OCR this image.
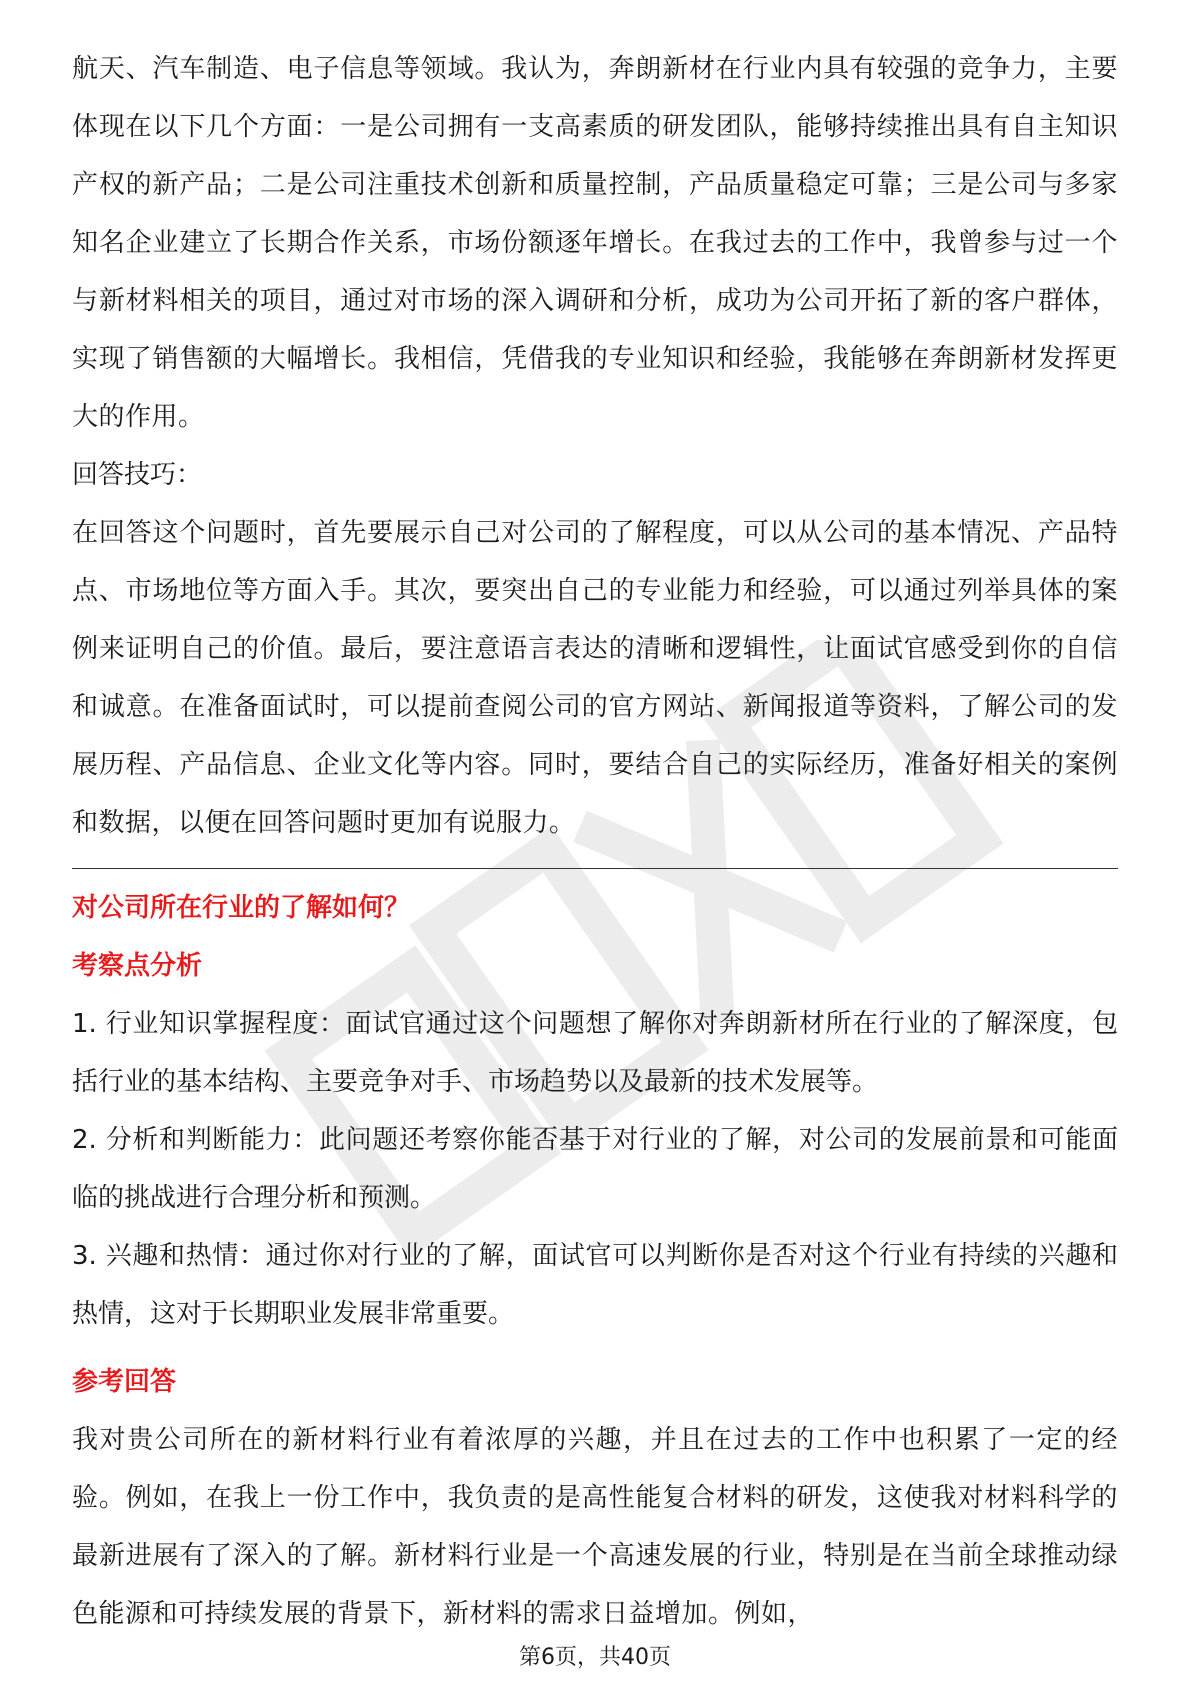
航天、汽车制造、电子信息等领域。我认为，奔朗新材在行业内具有较强的竞争力，主要体现在以下几个方面：一是公司拥有一支高素质的研发团队，能够持续推出具有自主知识产权的新产品；二是公司注重技术创新和质量控制，产品质量稳定可靠；三是公司与多家知名企业建立了长期合作关系，市场份额逐年增长。在我过去的工作中，我曾参与过一个与新材料相关的项目，通过对市场的深入调研和分析，成功为公司开拓了新的客户群体，实现了销售额的大幅增长。我相信，凭借我的专业知识和经验，我能够在奔朗新材发挥更大的作用。

回答技巧：

在回答这个问题时，首先要展示自己对公司的了解程度，可以从公司的基本情况、产品特点、市场地位等方面入手。其次，要突出自己的专业能力和经验，可以通过列举具体的案例来证明自己的价值。最后，要注意语言表达的清晰和逻辑性，让面试官感受到你的自信和诚意。在准备面试时，可以提前查阅公司的官方网站、新闻报道等资料，了解公司的发展历程、产品信息、企业文化等内容。同时，要结合自己的实际经历，准备好相关的案例和数据，以便在回答问题时更加有说服力。

对公司所在行业的了解如何？

考察点分析

1. 行业知识掌握程度：面试官通过这个问题想了解你对奔朗新材所在行业的了解深度，包括行业的基本结构、主要竞争对手、市场趋势以及最新的技术发展等。

2. 分析和判断能力：此问题还考察你能否基于对行业的了解，对公司的发展前景和可能面临的挑战进行合理分析和预测。

3. 兴趣和热情：通过你对行业的了解，面试官可以判断你是否对这个行业有持续的兴趣和热情，这对于长期职业发展非常重要。

参考回答

我对贵公司所在的新材料行业有着浓厚的兴趣，并且在过去的工作中也积累了一定的经验。例如，在我上一份工作中，我负责的是高性能复合材料的研发，这使我对材料科学的最新进展有了深入的了解。新材料行业是一个高速发展的行业，特别是在当前全球推动绿色能源和可持续发展的背景下，新材料的需求日益增加。例如，

第6页，共40页
